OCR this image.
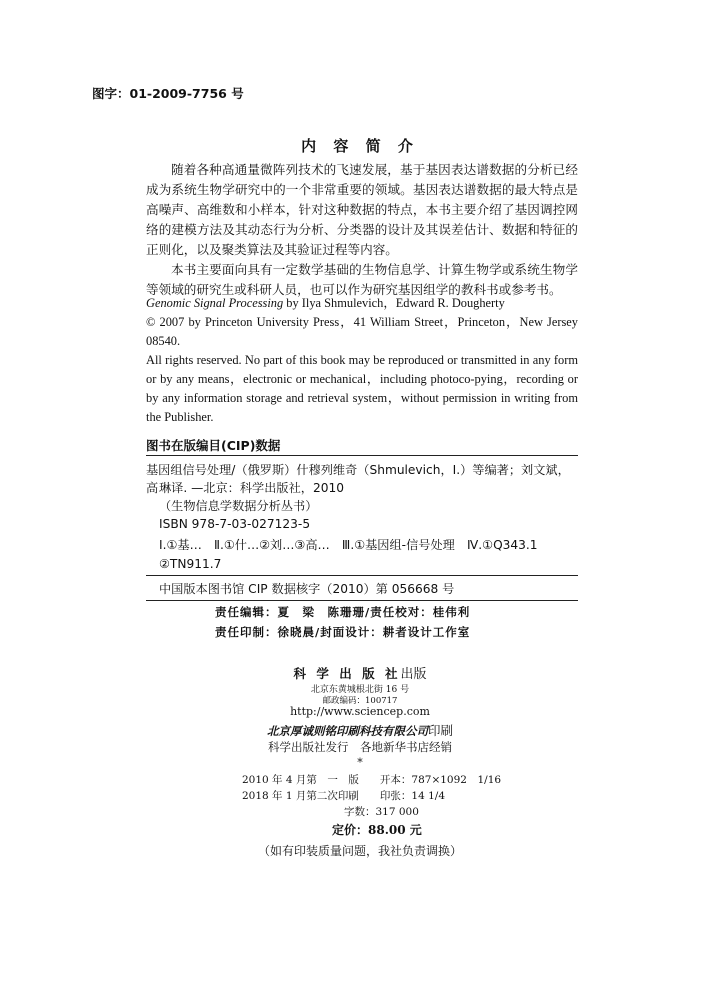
图字：01-2009-7756 号
内 容 简 介

随着各种高通量微阵列技术的飞速发展，基于基因表达谱数据的分析已经成为系统生物学研究中的一个非常重要的领域。基因表达谱数据的最大特点是高噪声、高维数和小样本，针对这种数据的特点，本书主要介绍了基因调控网络的建模方法及其动态行为分析、分类器的设计及其误差估计、数据和特征的正则化，以及聚类算法及其验证过程等内容。

本书主要面向具有一定数学基础的生物信息学、计算生物学或系统生物学等领域的研究生或科研人员，也可以作为研究基因组学的教科书或参考书。

Genomic Signal Processing by Ilya Shmulevich，Edward R. Dougherty

© 2007 by Princeton University Press，41 William Street，Princeton，New Jersey 08540.

All rights reserved. No part of this book may be reproduced or transmitted in any form or by any means，electronic or mechanical，including photoco-pying，recording or by any information storage and retrieval system，without permission in writing from the Publisher.

图书在版编目(CIP)数据
基因组信号处理/（俄罗斯）什穆列维奇（Shmulevich，I.）等编著；刘文斌，高 琳译. —北京：科学出版社，2010
（生物信息学数据分析丛书）
ISBN 978-7-03-027123-5
Ⅰ.①基…　Ⅱ.①什…②刘…③高…　Ⅲ.①基因组-信号处理　Ⅳ.①Q343.1
②TN911.7
中国版本图书馆 CIP 数据核字（2010）第 056668 号
责任编辑：夏　梁　陈珊珊/责任校对：桂伟利
责任印制：徐晓晨/封面设计：耕者设计工作室
科 学 出 版 社出版
北京东黄城根北街 16 号
邮政编码：100717
http://www.sciencep.com
北京厚诚则铭印刷科技有限公司印刷
科学出版社发行　各地新华书店经销
*
2010 年 4 月第　一　版　　开本：787×1092　1/16
2018 年 1 月第二次印刷　　印张：14 1/4
字数：317 000
定价：88.00 元
（如有印装质量问题，我社负责调换）
